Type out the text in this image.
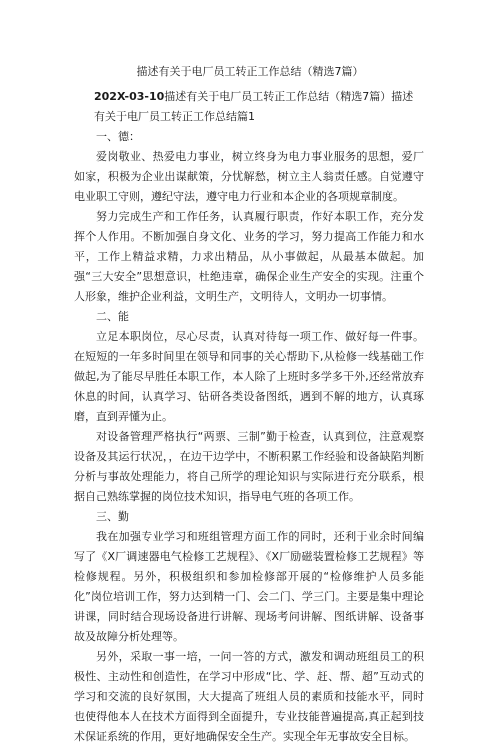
描述有关于电厂员工转正工作总结（精选7篇）
202X-03-10描述有关于电厂员工转正工作总结（精选7篇）描述有关于电厂员工转正工作总结篇1
一、德：
爱岗敬业、热爱电力事业，树立终身为电力事业服务的思想，爱厂如家，积极为企业出谋献策，分忧解愁，树立主人翁责任感。自觉遵守电业职工守则，遵纪守法，遵守电力行业和本企业的各项规章制度。
努力完成生产和工作任务，认真履行职责，作好本职工作，充分发挥个人作用。不断加强自身文化、业务的学习，努力提高工作能力和水平，工作上精益求精，力求出精品，从小事做起，从最基本做起。加强“三大安全”思想意识，杜绝违章，确保企业生产安全的实现。注重个人形象，维护企业利益，文明生产，文明待人，文明办一切事情。
二、能
立足本职岗位，尽心尽责，认真对待每一项工作、做好每一件事。在短短的一年多时间里在领导和同事的关心帮助下,从检修一线基础工作做起,为了能尽早胜任本职工作，本人除了上班时多学多干外,还经常放弃休息的时间，认真学习、钻研各类设备图纸，遇到不解的地方，认真琢磨，直到弄懂为止。
对设备管理严格执行“两票、三制”勤于检查，认真到位，注意观察设备及其运行状况，，在边干边学中，不断积累工作经验和设备缺陷判断分析与事故处理能力，将自己所学的理论知识与实际进行充分联系，根据自己熟练掌握的岗位技术知识，指导电气班的各项工作。
三、勤
我在加强专业学习和班组管理方面工作的同时，还利于业余时间编写了《X厂调速器电气检修工艺规程》、《X厂励磁装置检修工艺规程》等检修规程。另外，积极组织和参加检修部开展的“检修维护人员多能化”岗位培训工作，努力达到精一门、会二门、学三门。主要是集中理论讲课，同时结合现场设备进行讲解、现场考问讲解、图纸讲解、设备事故及故障分析处理等。
另外，采取一事一培，一问一答的方式，激发和调动班组员工的积极性、主动性和创造性，在学习中形成“比、学、赶、帮、超”互动式的学习和交流的良好氛围，大大提高了班组人员的素质和技能水平，同时也使得他本人在技术方面得到全面提升，专业技能普遍提高,真正起到技术保证系统的作用，更好地确保安全生产。实现全年无事故安全目标。
